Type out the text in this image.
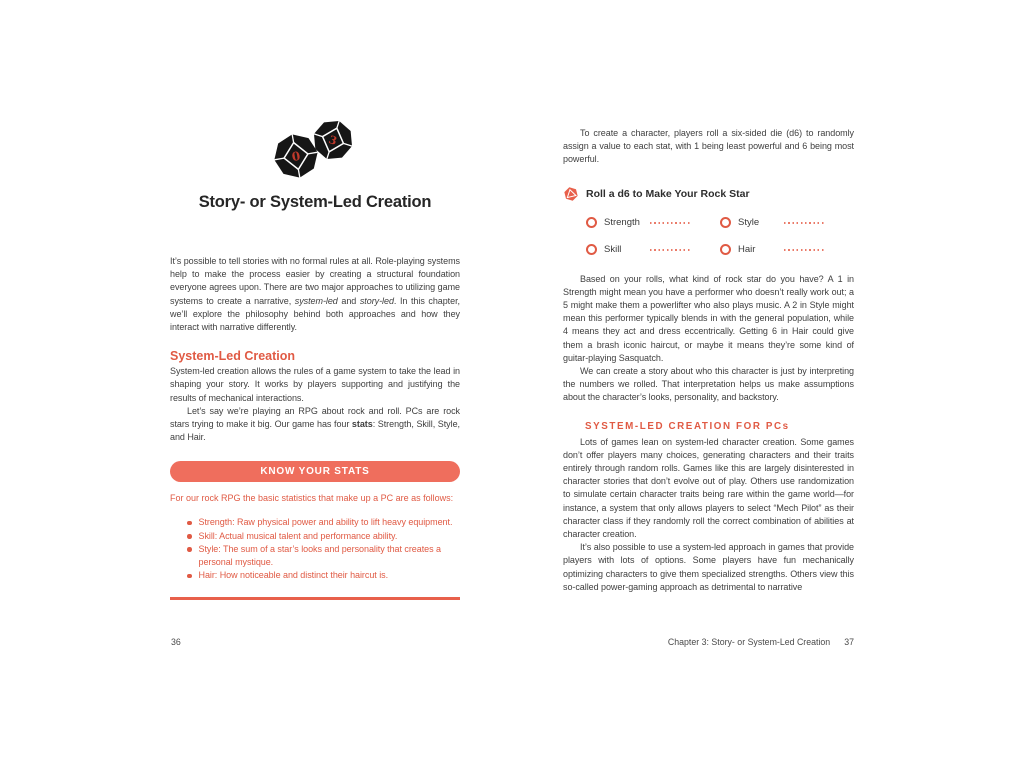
0
3
Story- or System-Led Creation

It’s possible to tell stories with no formal rules at all. Role-playing systems help to make the process easier by creating a structural foundation everyone agrees upon. There are two major approaches to utilizing game systems to create a narrative, system-led and story-led. In this chapter, we’ll explore the philosophy behind both approaches and how they interact with narrative differently.

System-Led Creation

System-led creation allows the rules of a game system to take the lead in shaping your story. It works by players supporting and justifying the results of mechanical interactions.

Let’s say we’re playing an RPG about rock and roll. PCs are rock stars trying to make it big. Our game has four stats: Strength, Skill, Style, and Hair.

KNOW YOUR STATS
For our rock RPG the basic statistics that make up a PC are as follows:
Strength: Raw physical power and ability to lift heavy equipment.
Skill: Actual musical talent and performance ability.
Style: The sum of a star’s looks and personality that creates a personal mystique.
Hair: How noticeable and distinct their haircut is.

To create a character, players roll a six-sided die (d6) to randomly assign a value to each stat, with 1 being least powerful and 6 being most powerful.

Roll a d6 to Make Your Rock Star
Strength	Style
Skill	Hair

Based on your rolls, what kind of rock star do you have? A 1 in Strength might mean you have a performer who doesn’t really work out; a 5 might make them a powerlifter who also plays music. A 2 in Style might mean this performer typically blends in with the general population, while 4 means they act and dress eccentrically. Getting 6 in Hair could give them a brash iconic haircut, or maybe it means they’re some kind of guitar-playing Sasquatch.

We can create a story about who this character is just by interpreting the numbers we rolled. That interpretation helps us make assumptions about the character’s looks, personality, and backstory.

SYSTEM-LED CREATION FOR PCs

Lots of games lean on system-led character creation. Some games don’t offer players many choices, generating characters and their traits entirely through random rolls. Games like this are largely disinterested in character stories that don’t evolve out of play. Others use randomization to simulate certain character traits being rare within the game world—for instance, a system that only allows players to select “Mech Pilot” as their character class if they randomly roll the correct combination of abilities at character creation.

It’s also possible to use a system-led approach in games that provide players with lots of options. Some players have fun mechanically optimizing characters to give them specialized strengths. Others view this so-called power-gaming approach as detrimental to narrative

36	Chapter 3: Story- or System-Led Creation 37
